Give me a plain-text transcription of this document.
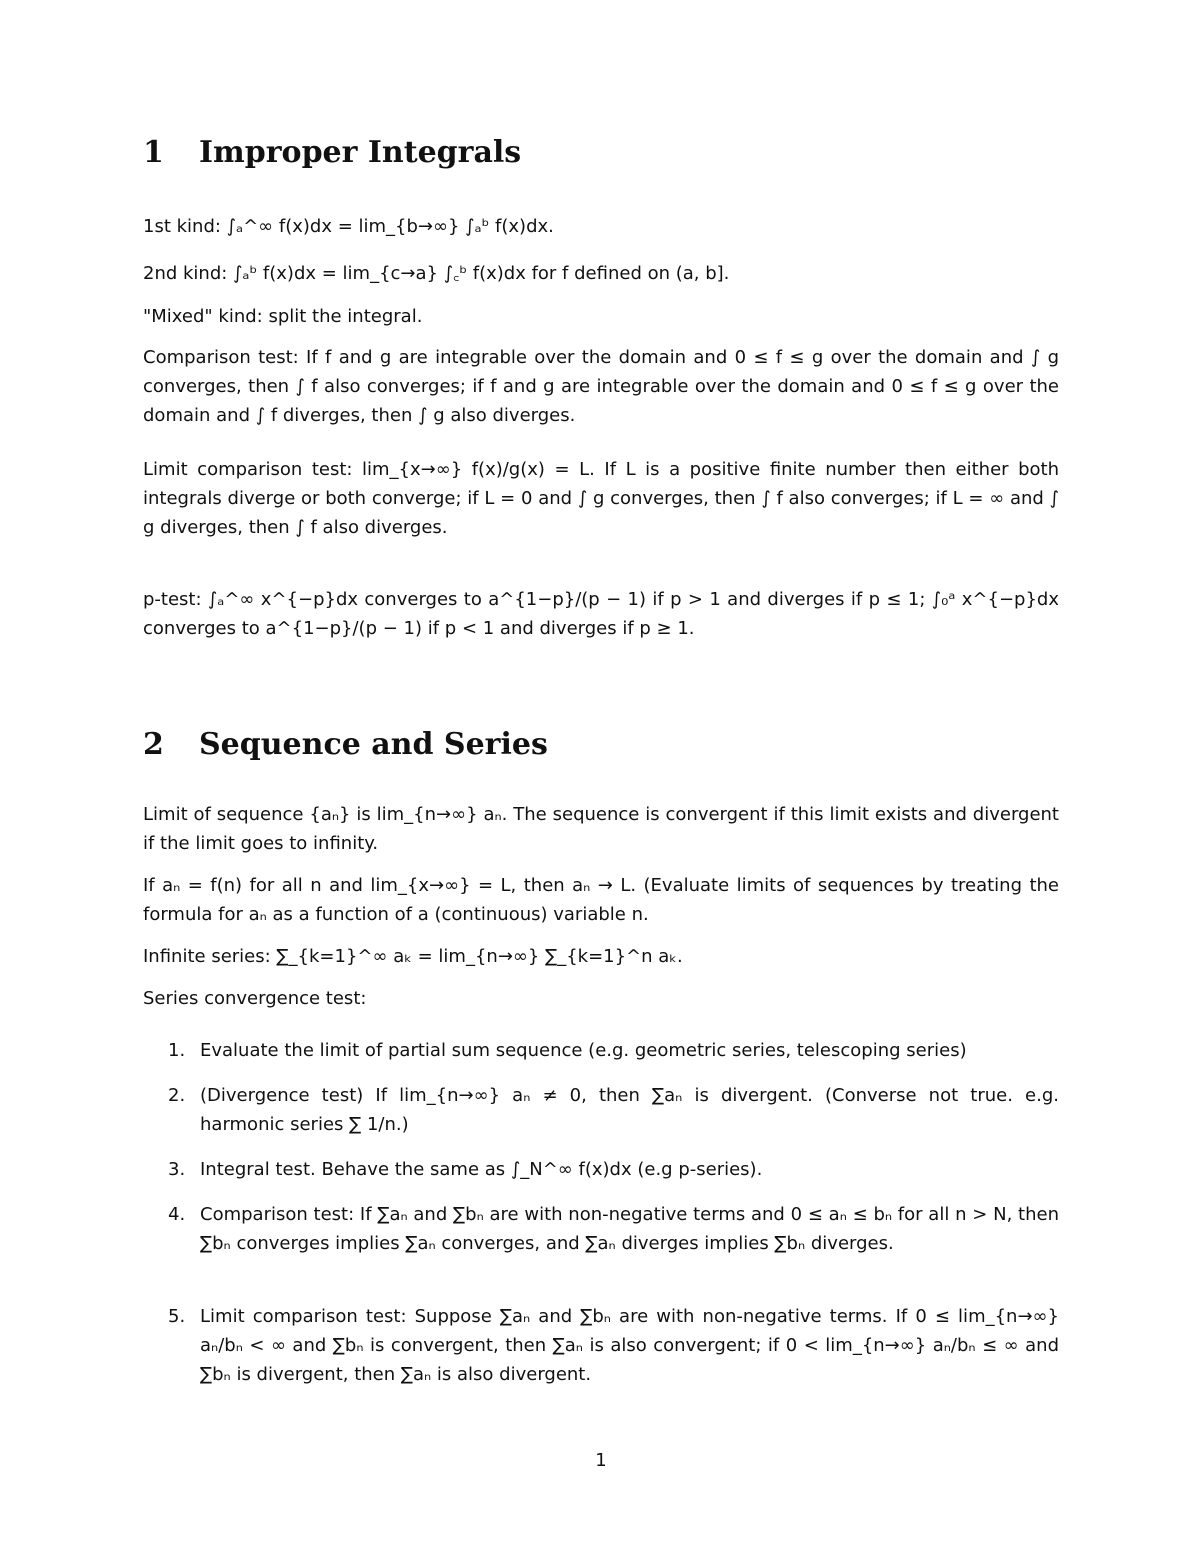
1 Improper Integrals

1st kind: ∫ₐ^∞ f(x)dx = lim_{b→∞} ∫ₐᵇ f(x)dx.

2nd kind: ∫ₐᵇ f(x)dx = lim_{c→a} ∫꜀ᵇ f(x)dx for f defined on (a, b].

"Mixed" kind: split the integral.

Comparison test: If f and g are integrable over the domain and 0 ≤ f ≤ g over the domain and ∫ g converges, then ∫ f also converges; if f and g are integrable over the domain and 0 ≤ f ≤ g over the domain and ∫ f diverges, then ∫ g also diverges.

Limit comparison test: lim_{x→∞} f(x)/g(x) = L. If L is a positive finite number then either both integrals diverge or both converge; if L = 0 and ∫ g converges, then ∫ f also converges; if L = ∞ and ∫ g diverges, then ∫ f also diverges.

p-test: ∫ₐ^∞ x^{−p}dx converges to a^{1−p}/(p − 1) if p > 1 and diverges if p ≤ 1; ∫₀ᵃ x^{−p}dx converges to a^{1−p}/(p − 1) if p < 1 and diverges if p ≥ 1.

2 Sequence and Series

Limit of sequence {aₙ} is lim_{n→∞} aₙ. The sequence is convergent if this limit exists and divergent if the limit goes to infinity.

If aₙ = f(n) for all n and lim_{x→∞} = L, then aₙ → L. (Evaluate limits of sequences by treating the formula for aₙ as a function of a (continuous) variable n.

Infinite series: ∑_{k=1}^∞ aₖ = lim_{n→∞} ∑_{k=1}^n aₖ.

Series convergence test:

1. Evaluate the limit of partial sum sequence (e.g. geometric series, telescoping series)
2. (Divergence test) If lim_{n→∞} aₙ ≠ 0, then ∑aₙ is divergent. (Converse not true. e.g. harmonic series ∑ 1/n.)
3. Integral test. Behave the same as ∫_N^∞ f(x)dx (e.g p-series).
4. Comparison test: If ∑aₙ and ∑bₙ are with non-negative terms and 0 ≤ aₙ ≤ bₙ for all n > N, then ∑bₙ converges implies ∑aₙ converges, and ∑aₙ diverges implies ∑bₙ diverges.
5. Limit comparison test: Suppose ∑aₙ and ∑bₙ are with non-negative terms. If 0 ≤ lim_{n→∞} aₙ/bₙ < ∞ and ∑bₙ is convergent, then ∑aₙ is also convergent; if 0 < lim_{n→∞} aₙ/bₙ ≤ ∞ and ∑bₙ is divergent, then ∑aₙ is also divergent.
1
